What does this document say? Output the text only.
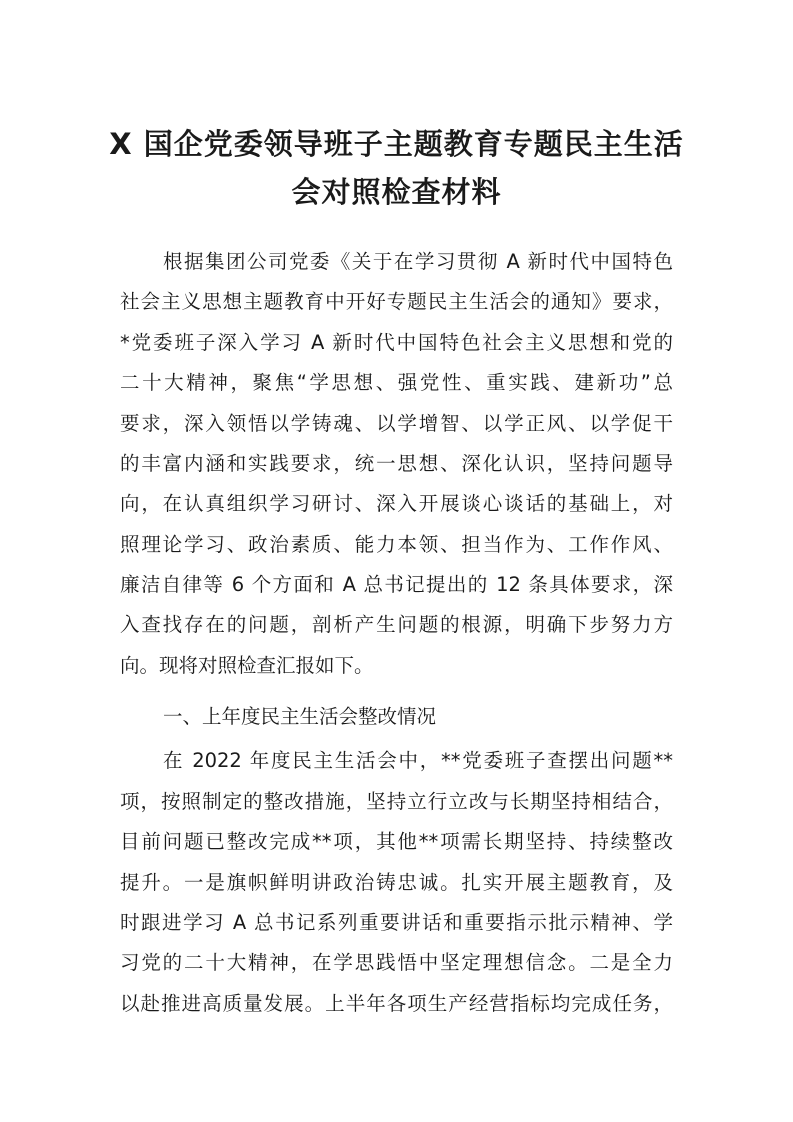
X 国企党委领导班子主题教育专题民主生活
会对照检查材料

根据集团公司党委《关于在学习贯彻 A 新时代中国特色

社会主义思想主题教育中开好专题民主生活会的通知》要求，

*党委班子深入学习 A 新时代中国特色社会主义思想和党的

二十大精神，聚焦“学思想、强党性、重实践、建新功”总

要求，深入领悟以学铸魂、以学增智、以学正风、以学促干

的丰富内涵和实践要求，统一思想、深化认识，坚持问题导

向，在认真组织学习研讨、深入开展谈心谈话的基础上，对

照理论学习、政治素质、能力本领、担当作为、工作作风、

廉洁自律等 6 个方面和 A 总书记提出的 12 条具体要求，深

入查找存在的问题，剖析产生问题的根源，明确下步努力方

向。现将对照检查汇报如下。

一、上年度民主生活会整改情况

在 2022 年度民主生活会中，**党委班子查摆出问题**

项，按照制定的整改措施，坚持立行立改与长期坚持相结合，

目前问题已整改完成**项，其他**项需长期坚持、持续整改

提升。一是旗帜鲜明讲政治铸忠诚。扎实开展主题教育，及

时跟进学习 A 总书记系列重要讲话和重要指示批示精神、学

习党的二十大精神，在学思践悟中坚定理想信念。二是全力

以赴推进高质量发展。上半年各项生产经营指标均完成任务，
